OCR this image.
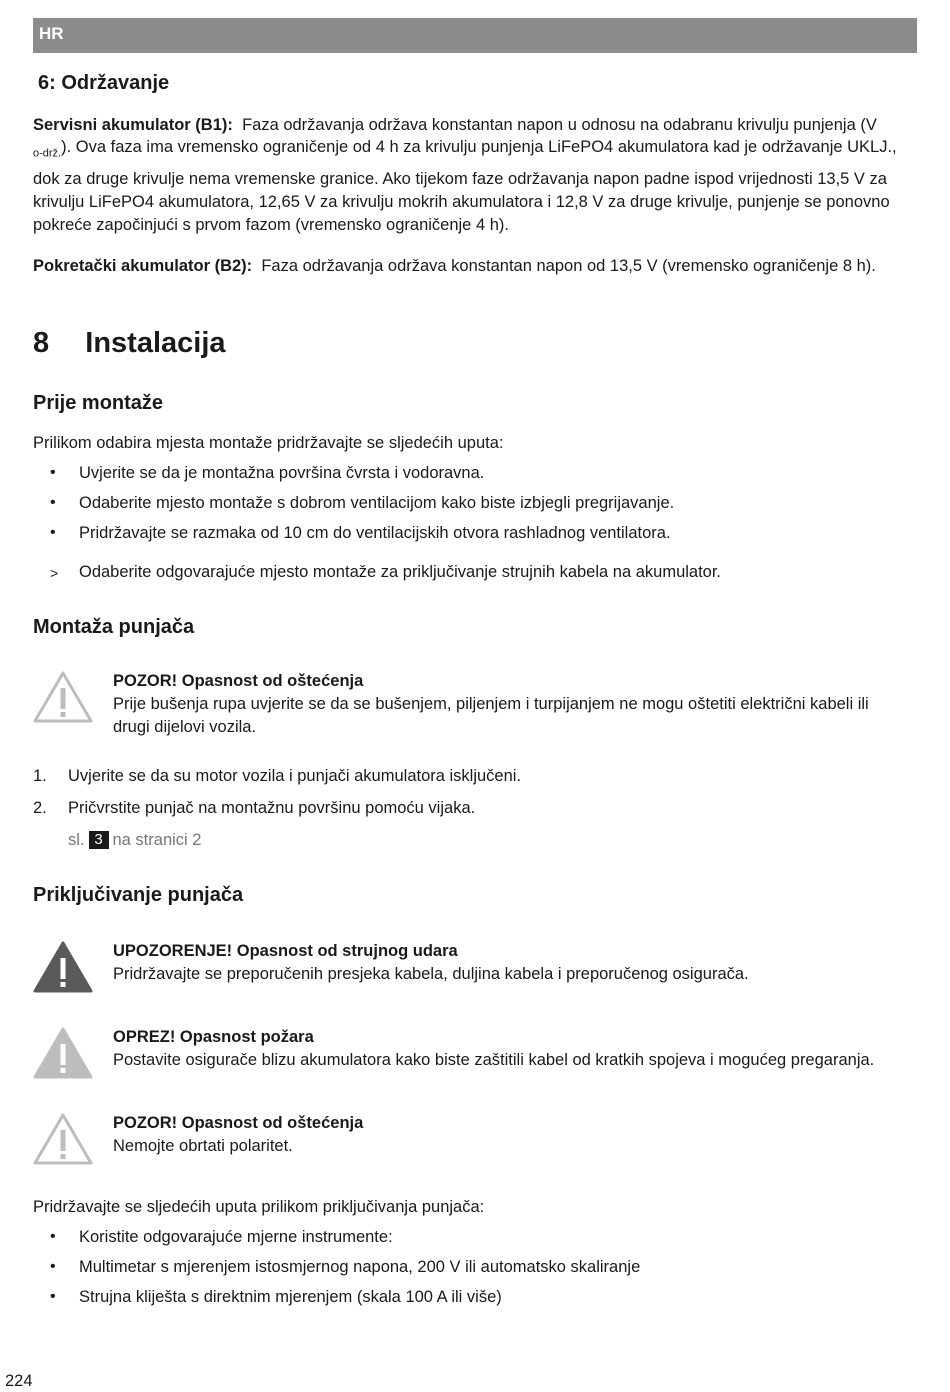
HR
6: Održavanje
Servisni akumulator (B1): Faza održavanja održava konstantan napon u odnosu na odabranu krivulju punjenja (V
$_{o-drž.}$). Ova faza ima vremensko ograničenje od 4 h za krivulju punjenja LiFePO4 akumulatora kad je održavanje UKLJ.,
dok za druge krivulje nema vremenske granice. Ako tijekom faze održavanja napon padne ispod vrijednosti 13,5 V za
krivulju LiFePO4 akumulatora, 12,65 V za krivulju mokrih akumulatora i 12,8 V za druge krivulje, punjenje se ponovno
pokreće započinjući s prvom fazom (vremensko ograničenje 4 h).
Pokretački akumulator (B2): Faza održavanja održava konstantan napon od 13,5 V (vremensko ograničenje 8 h).
8 Instalacija
Prije montaže
Prilikom odabira mjesta montaže pridržavajte se sljedećih uputa:
•	Uvjerite se da je montažna površina čvrsta i vodoravna.
•	Odaberite mjesto montaže s dobrom ventilacijom kako biste izbjegli pregrijavanje.
•	Pridržavajte se razmaka od 10 cm do ventilacijskih otvora rashladnog ventilatora.
>	Odaberite odgovarajuće mjesto montaže za priključivanje strujnih kabela na akumulator.
Montaža punjača
POZOR! Opasnost od oštećenja
Prije bušenja rupa uvjerite se da se bušenjem, piljenjem i turpijanjem ne mogu oštetiti električni kabeli ili
drugi dijelovi vozila.
1.	Uvjerite se da su motor vozila i punjači akumulatora isključeni.
2.	Pričvrstite punjač na montažnu površinu pomoću vijaka.
sl. 3 na stranici 2
Priključivanje punjača
UPOZORENJE! Opasnost od strujnog udara
Pridržavajte se preporučenih presjeka kabela, duljina kabela i preporučenog osigurača.
OPREZ! Opasnost požara
Postavite osigurače blizu akumulatora kako biste zaštitili kabel od kratkih spojeva i mogućeg pregaranja.
POZOR! Opasnost od oštećenja
Nemojte obrtati polaritet.
Pridržavajte se sljedećih uputa prilikom priključivanja punjača:
•	Koristite odgovarajuće mjerne instrumente:
•	Multimetar s mjerenjem istosmjernog napona, 200 V ili automatsko skaliranje
•	Strujna kliješta s direktnim mjerenjem (skala 100 A ili više)
224
